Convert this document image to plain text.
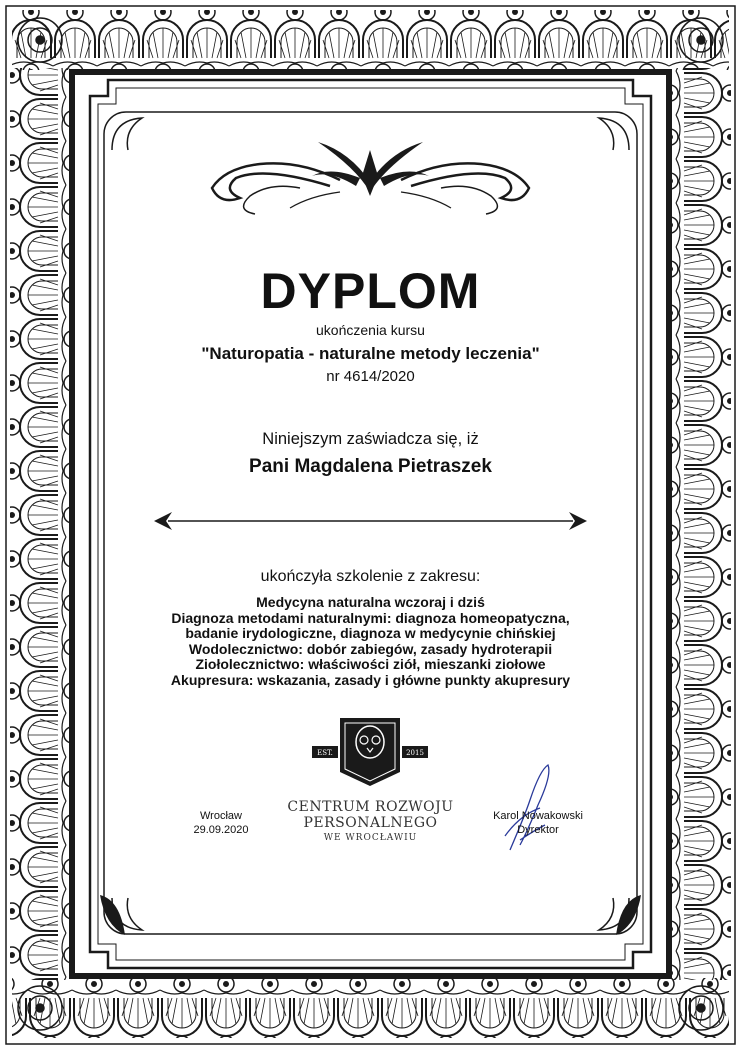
EST.	2015
DYPLOM
ukończenia kursu
"Naturopatia - naturalne metody leczenia"
nr 4614/2020
Niniejszym zaświadcza się, iż
Pani Magdalena Pietraszek
ukończyła szkolenie z zakresu:
Medycyna naturalna wczoraj i dziś
Diagnoza metodami naturalnymi: diagnoza homeopatyczna,
badanie irydologiczne, diagnoza w medycynie chińskiej
Wodolecznictwo: dobór zabiegów, zasady hydroterapii
Ziołolecznictwo: właściwości ziół, mieszanki ziołowe
Akupresura: wskazania, zasady i główne punkty akupresury
Wrocław
29.09.2020
CENTRUM ROZWOJU
PERSONALNEGO
WE WROCŁAWIU
Karol Nowakowski
Dyrektor
